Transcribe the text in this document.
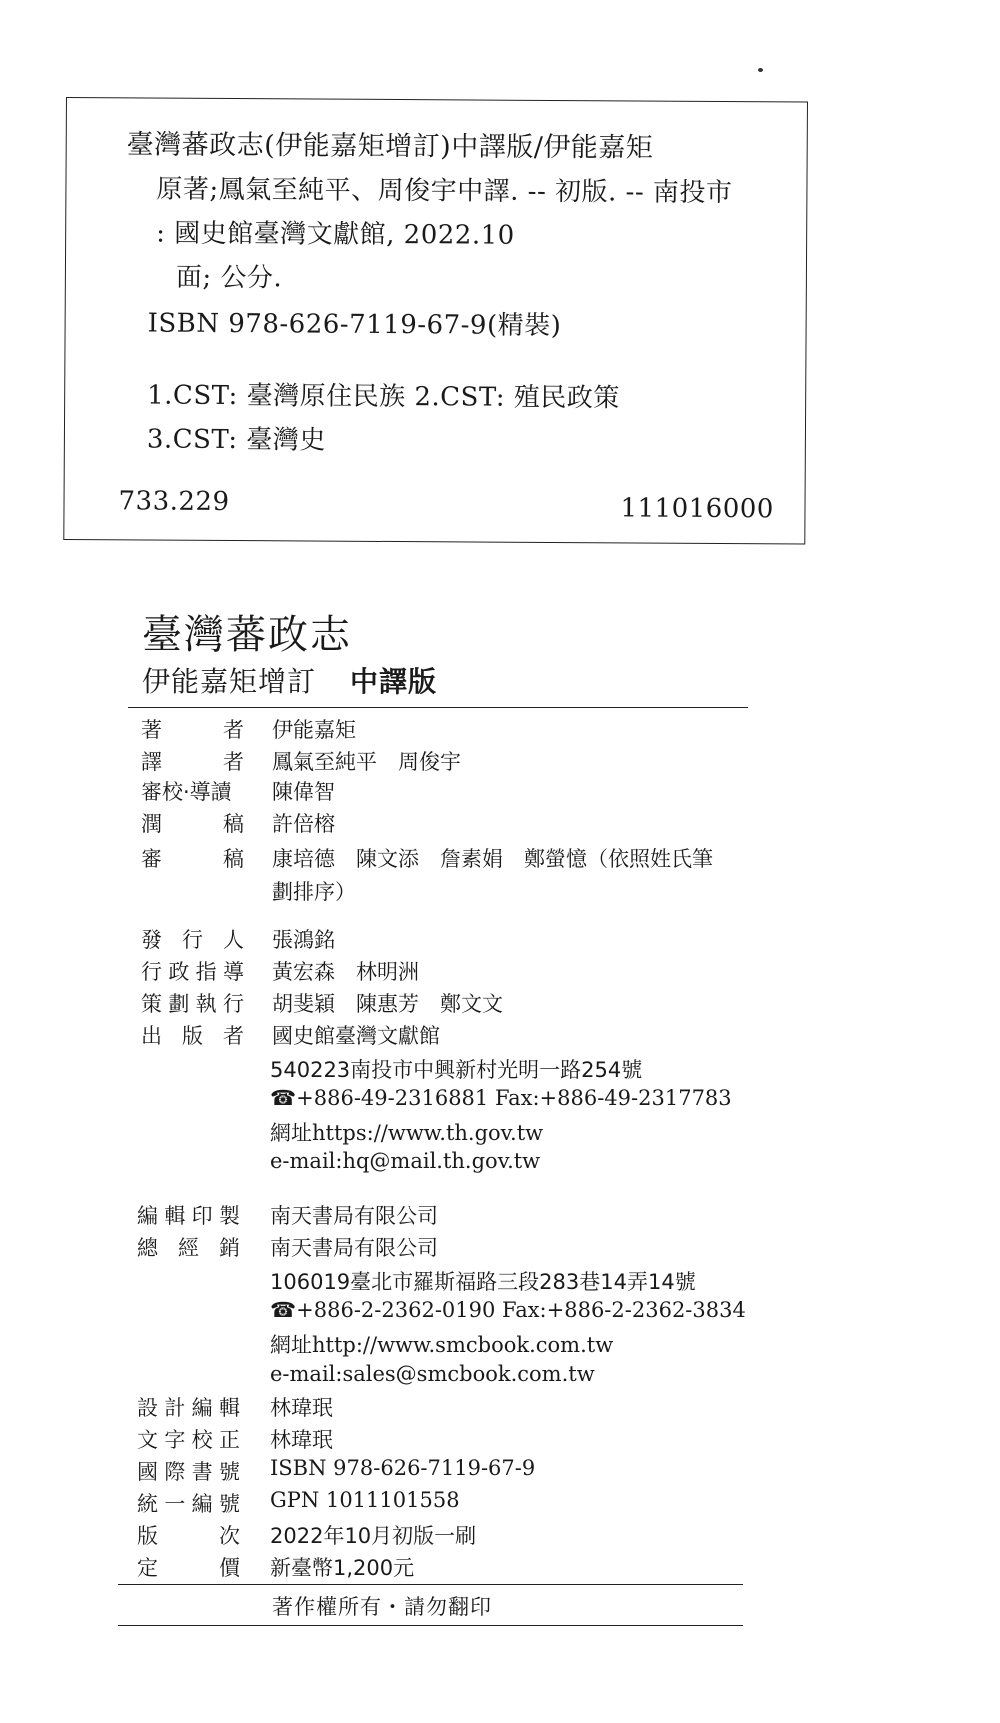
臺灣蕃政志(伊能嘉矩增訂)中譯版/伊能嘉矩
原著;鳳氣至純平、周俊宇中譯. -- 初版. -- 南投市
: 國史館臺灣文獻館, 2022.10
面; 公分.
ISBN 978-626-7119-67-9(精裝)
1.CST: 臺灣原住民族 2.CST: 殖民政策
3.CST: 臺灣史
733.229	111016000
臺灣蕃政志
伊能嘉矩增訂 中譯版
著	者 伊能嘉矩
譯	者 鳳氣至純平　周俊宇
審校·導讀 陳偉智
潤	稿 許倍榕
審	稿 康培德　陳文添　詹素娟　鄭螢憶（依照姓氏筆
劃排序）
發 行 人 張鴻銘
行 政 指 導 黃宏森　林明洲
策 劃 執 行 胡斐穎　陳惠芳　鄭文文
出 版 者 國史館臺灣文獻館
540223南投市中興新村光明一路254號
☎+886-49-2316881 Fax:+886-49-2317783
網址https://www.th.gov.tw
e-mail:hq@mail.th.gov.tw
編 輯 印 製 南天書局有限公司
總 經 銷 南天書局有限公司
106019臺北市羅斯福路三段283巷14弄14號
☎+886-2-2362-0190 Fax:+886-2-2362-3834
網址http://www.smcbook.com.tw
e-mail:sales@smcbook.com.tw
設 計 編 輯 林瑋珉
文 字 校 正 林瑋珉
國 際 書 號 ISBN 978-626-7119-67-9
統 一 編 號 GPN 1011101558
版	次 2022年10月初版一刷
定	價 新臺幣1,200元
著作權所有・請勿翻印
